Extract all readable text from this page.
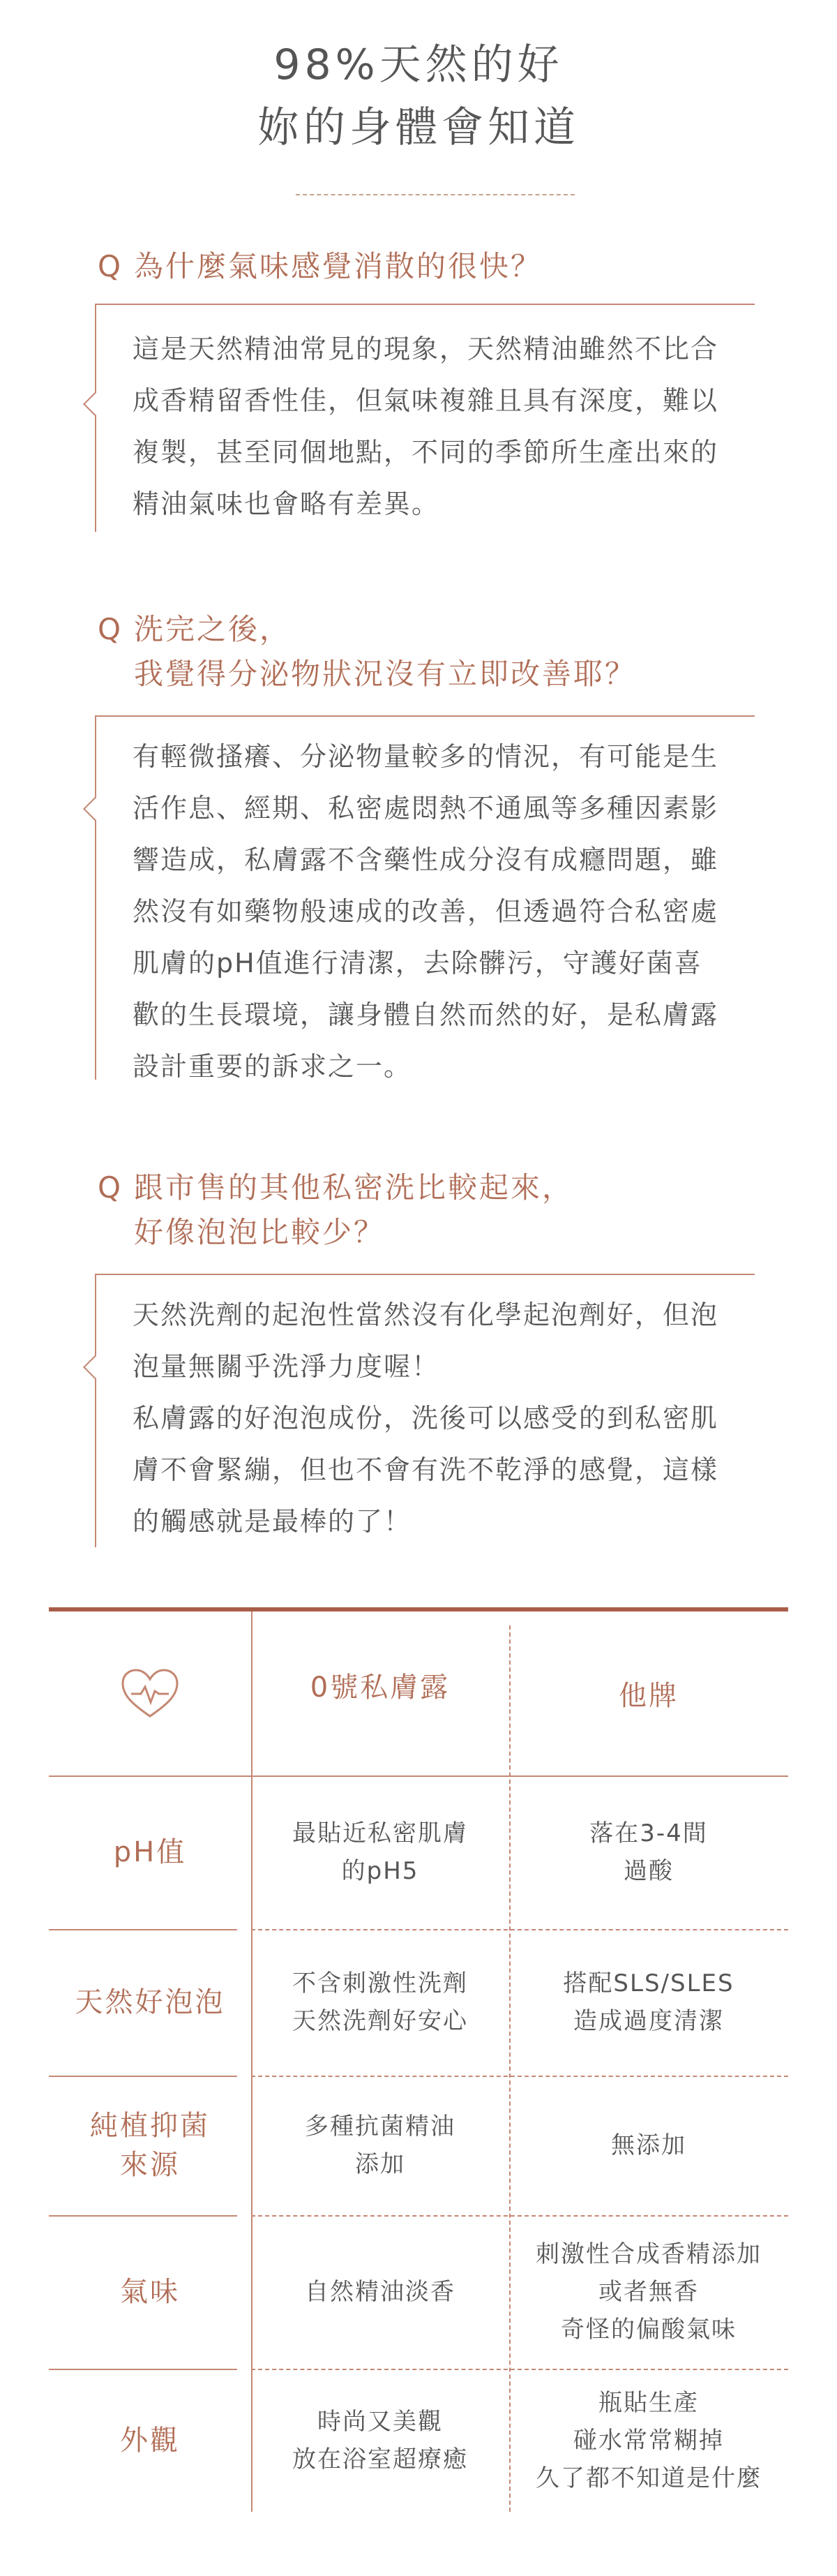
98%天然的好
妳的身體會知道
Q 為什麼氣味感覺消散的很快？

這是天然精油常見的現象，天然精油雖然不比合
成香精留香性佳，但氣味複雜且具有深度，難以
複製，甚至同個地點，不同的季節所生產出來的
精油氣味也會略有差異。

Q 洗完之後，
我覺得分泌物狀況沒有立即改善耶？

有輕微搔癢、分泌物量較多的情況，有可能是生
活作息、經期、私密處悶熱不通風等多種因素影
響造成，私膚露不含藥性成分沒有成癮問題，雖
然沒有如藥物般速成的改善，但透過符合私密處
肌膚的pH值進行清潔，去除髒污，守護好菌喜
歡的生長環境，讓身體自然而然的好，是私膚露
設計重要的訴求之一。

Q 跟市售的其他私密洗比較起來，
好像泡泡比較少？

天然洗劑的起泡性當然沒有化學起泡劑好，但泡
泡量無關乎洗淨力度喔！
私膚露的好泡泡成份，洗後可以感受的到私密肌
膚不會緊繃，但也不會有洗不乾淨的感覺，這樣
的觸感就是最棒的了！

0號私膚露	他牌
pH值
最貼近私密肌膚
的pH5
落在3-4間
過酸
天然好泡泡
不含刺激性洗劑
天然洗劑好安心
搭配SLS/SLES
造成過度清潔
純植抑菌
來源
多種抗菌精油
添加
無添加
氣味	自然精油淡香
刺激性合成香精添加
或者無香
奇怪的偏酸氣味
外觀
時尚又美觀
放在浴室超療癒
瓶貼生產
碰水常常糊掉
久了都不知道是什麼
